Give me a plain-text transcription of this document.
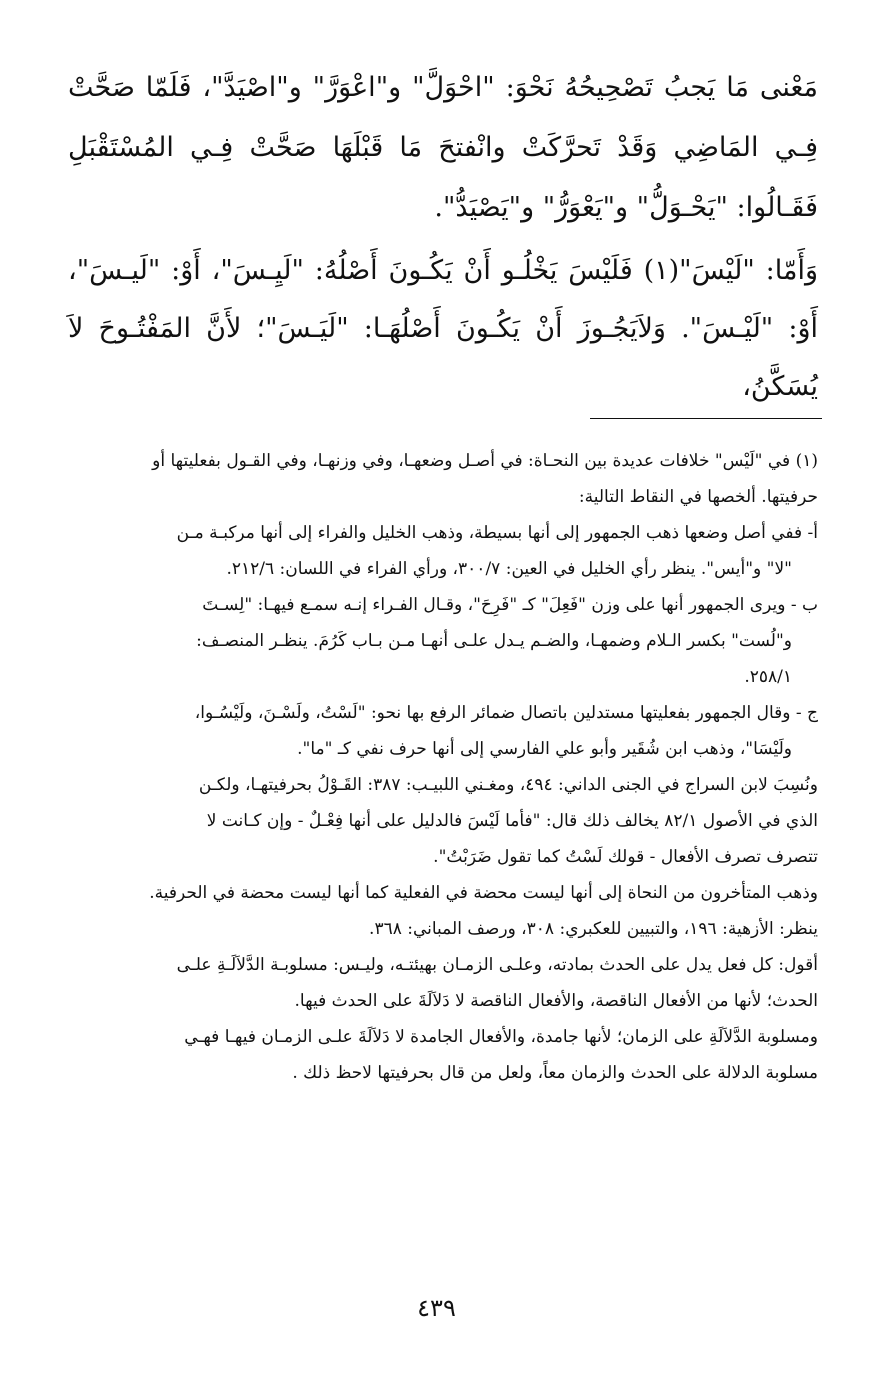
مَعْنى مَا يَجبُ تَصْحِيحُهُ نَحْوَ: "احْوَلَّ" و"اعْوَرَّ" و"اصْيَدَّ"، فَلَمّا صَحَّتْ فِـي المَاضِي وَقَدْ تَحرَّكَتْ وانْفتحَ مَا قَبْلَهَا صَحَّتْ فِـي المُسْتَقْبَلِ فَقَـالُوا: "يَحْـوَلُّ" و"يَعْوَرُّ" و"يَصْيَدُّ".

وَأَمّا: "لَيْسَ"(١) فَلَيْسَ يَخْلُـو أَنْ يَكُـونَ أَصْلُهُ: "لَيِـسَ"، أَوْ: "لَيـسَ"، أَوْ: "لَيْـسَ". وَلاَيَجُـوزَ أَنْ يَكُـونَ أَصْلُهَـا: "لَيَـسَ"؛ لأَنَّ المَفْتُـوحَ لاَ يُسَكَّنُ،

(١) في "لَيْس" خلافات عديدة بين النحـاة: في أصـل وضعهـا، وفي وزنهـا، وفي القـول بفعليتها أو

حرفيتها. ألخصها في النقاط التالية:

أ- ففي أصل وضعها ذهب الجمهور إلى أنها بسيطة، وذهب الخليل والفراء إلى أنها مركبـة مـن

"لا" و"أيس". ينظر رأي الخليل في العين: ٣٠٠/٧، ورأي الفراء في اللسان: ٢١٢/٦.

ب - ويرى الجمهور أنها على وزن "فَعِلَ" كـ "فَرِحَ"، وقـال الفـراء إنـه سمـع فيهـا: "لِسـتَ

و"لُست" بكسر الـلام وضمهـا، والضـم يـدل علـى أنهـا مـن بـاب كَرُمَ. ينظـر المنصـف:

٢٥٨/١.

ج - وقال الجمهور بفعليتها مستدلين باتصال ضمائر الرفع بها نحو: "لَسْتُ، ولَسْـنَ، ولَيْسُـوا،

ولَيْسَا"، وذهب ابن شُقَير وأبو علي الفارسي إلى أنها حرف نفي كـ "ما".

ونُسِبَ لابن السراج في الجنى الداني: ٤٩٤، ومغـني اللبيـب: ٣٨٧: القَـوْلُ بحرفيتهـا، ولكـن

الذي في الأصول ٨٢/١ يخالف ذلك قال: "فأما لَيْسَ فالدليل على أنها فِعْـلٌ - وإن كـانت لا

تتصرف تصرف الأفعال - قولك لَسْتُ كما تقول ضَرَبْتُ".

وذهب المتأخرون من النحاة إلى أنها ليست محضة في الفعلية كما أنها ليست محضة في الحرفية.

ينظر: الأزهية: ١٩٦، والتبيين للعكبري: ٣٠٨، ورصف المباني: ٣٦٨.

أقول: كل فعل يدل على الحدث بمادته، وعلـى الزمـان بهيئتـه، وليـس: مسلوبـة الدَّلاَلَـةِ علـى

الحدث؛ لأنها من الأفعال الناقصة، والأفعال الناقصة لا دَلاَلَةَ على الحدث فيها.

ومسلوبة الدَّلاَلَةِ على الزمان؛ لأنها جامدة، والأفعال الجامدة لا دَلاَلَةَ علـى الزمـان فيهـا فهـي

مسلوبة الدلالة على الحدث والزمان معاً، ولعل من قال بحرفيتها لاحظ ذلك .

٤٣٩
